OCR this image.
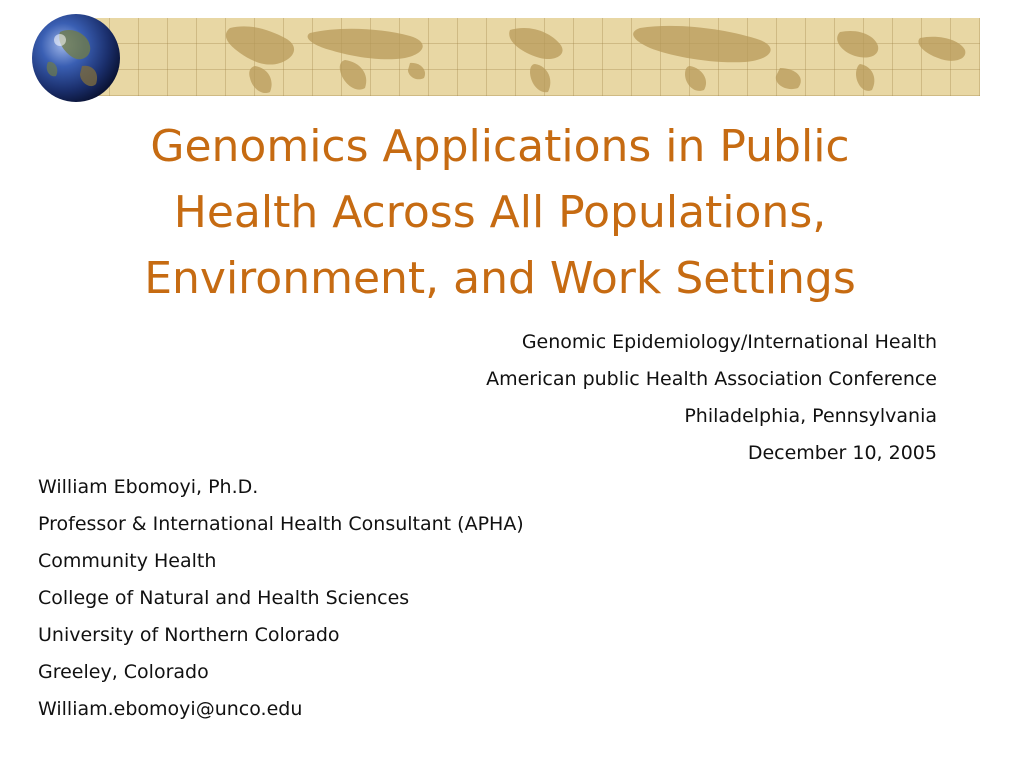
Genomics Applications in Public
Health Across All Populations,
Environment, and Work Settings
Genomic Epidemiology/International Health
American public Health Association Conference
Philadelphia, Pennsylvania
December 10, 2005
William Ebomoyi, Ph.D.
Professor & International Health Consultant (APHA)
Community Health
College of Natural and Health Sciences
University of Northern Colorado
Greeley, Colorado
William.ebomoyi@unco.edu
